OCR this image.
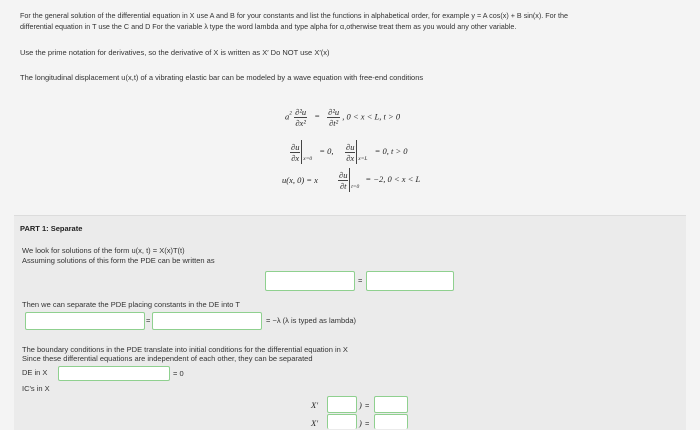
For the general solution of the differential equation in X use A and B for your constants and list the functions in alphabetical order, for example y = A cos(x) + B sin(x). For the
differential equation in T use the C and D For the variable λ type the word lambda and type alpha for α,otherwise treat them as you would any other variable.
Use the prime notation for derivatives, so the derivative of X is written as X′ Do NOT use X′(x)
The longitudinal displacement u(x,t) of a vibrating elastic bar can be modeled by a wave equation with free-end conditions
$a^2 \frac{\text{∂²u}}{\text{∂x²}} = \frac{\text{∂²u}}{\text{∂t²}}$ , 0 < x < L, t > 0
$\frac{\partial u}{\partial x} _{x=0} = 0$, $\frac{\partial u}{\partial x} _{x=L} = 0$, t > 0
u(x, 0) = x $\frac{\partial u}{\partial t} _{t=0} = -2$, 0 < x < L
PART 1: Separate
We look for solutions of the form u(x, t) = X(x)T(t)
Assuming solutions of this form the PDE can be written as
=
Then we can separate the PDE placing constants in the DE into T
=	= −λ (λ is typed as lambda)
The boundary conditions in the PDE translate into initial conditions for the differential equation in X
Since these differential equations are independent of each other, they can be separated
DE in X	= 0
IC's in X
X′	) =
X′	) =
